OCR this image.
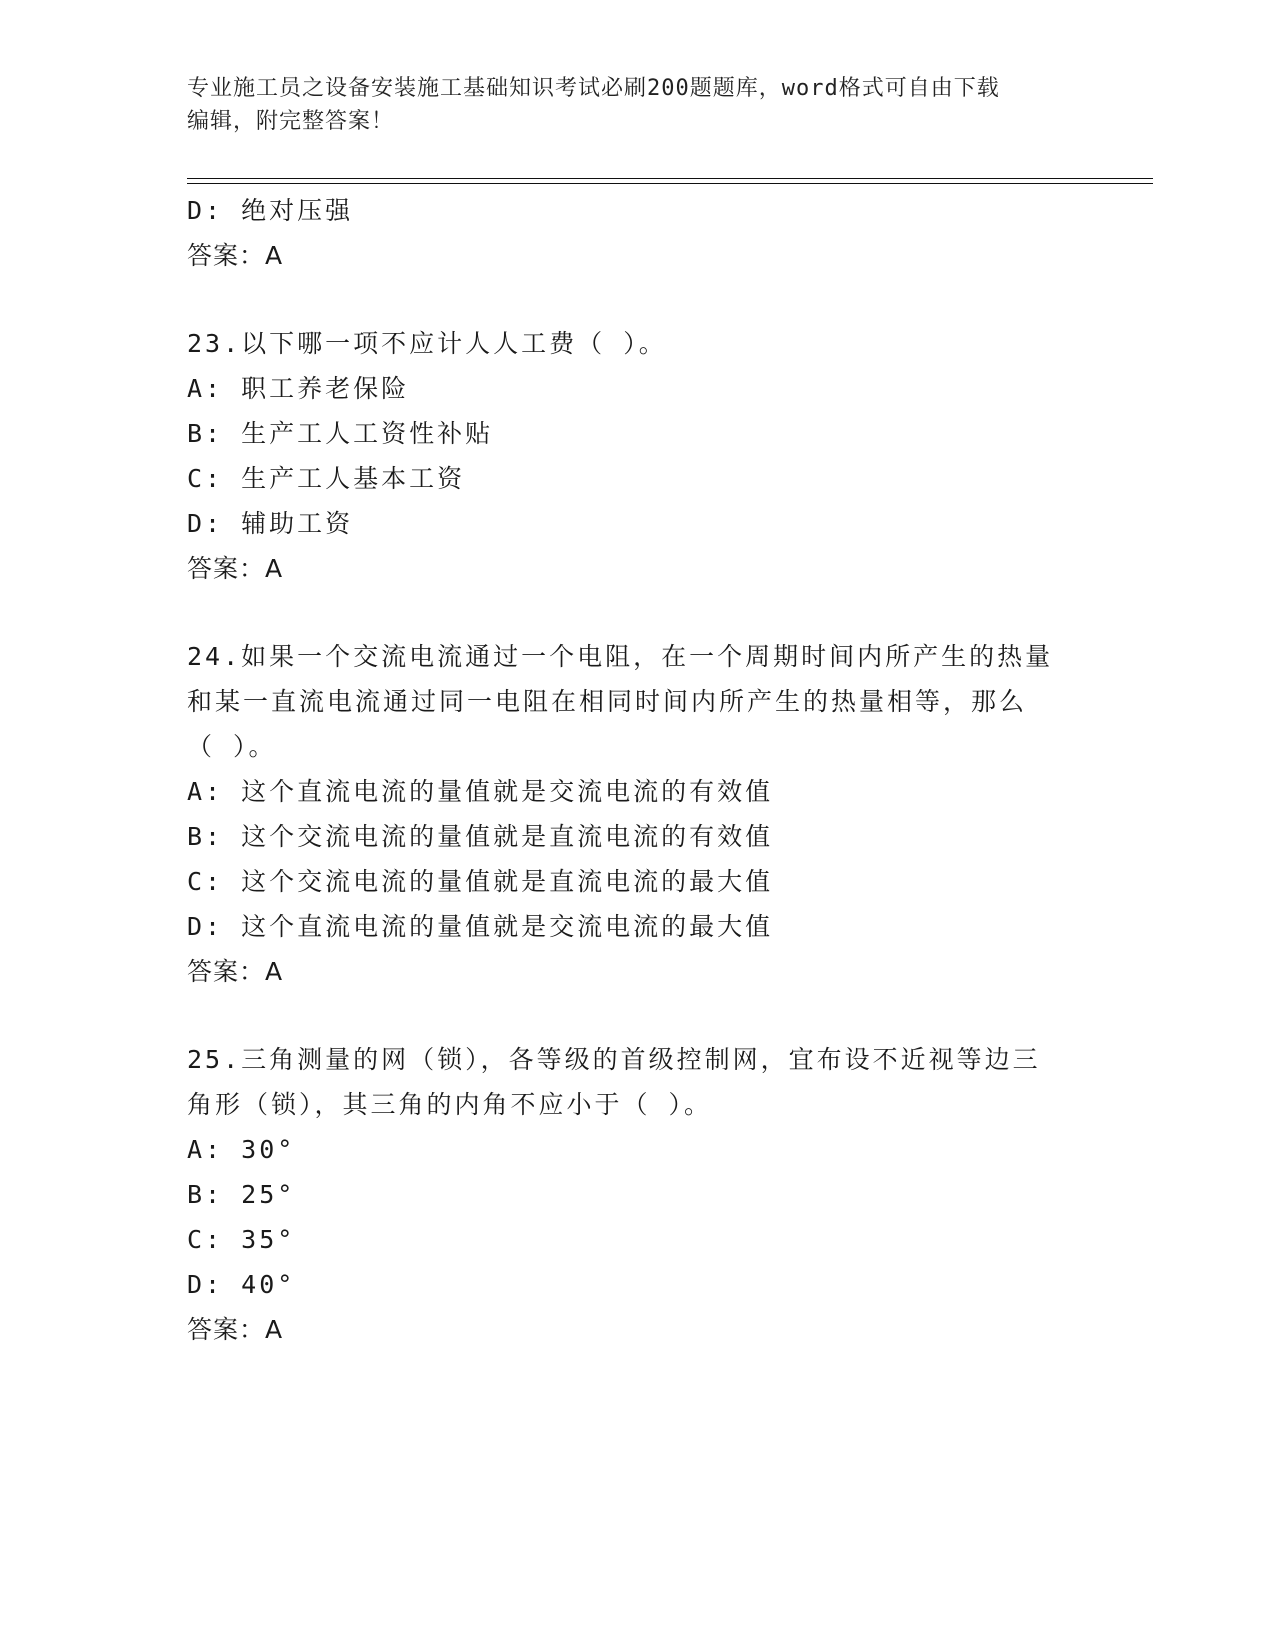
专业施工员之设备安装施工基础知识考试必刷200题题库，word格式可自由下载
编辑，附完整答案！
D: 绝对压强
答案：A
23.以下哪一项不应计人人工费（ ）。
A: 职工养老保险
B: 生产工人工资性补贴
C: 生产工人基本工资
D: 辅助工资
答案：A
24.如果一个交流电流通过一个电阻，在一个周期时间内所产生的热量
和某一直流电流通过同一电阻在相同时间内所产生的热量相等，那么
（ ）。
A: 这个直流电流的量值就是交流电流的有效值
B: 这个交流电流的量值就是直流电流的有效值
C: 这个交流电流的量值就是直流电流的最大值
D: 这个直流电流的量值就是交流电流的最大值
答案：A
25.三角测量的网（锁），各等级的首级控制网，宜布设不近视等边三
角形（锁），其三角的内角不应小于（ ）。
A: 30°
B: 25°
C: 35°
D: 40°
答案：A
